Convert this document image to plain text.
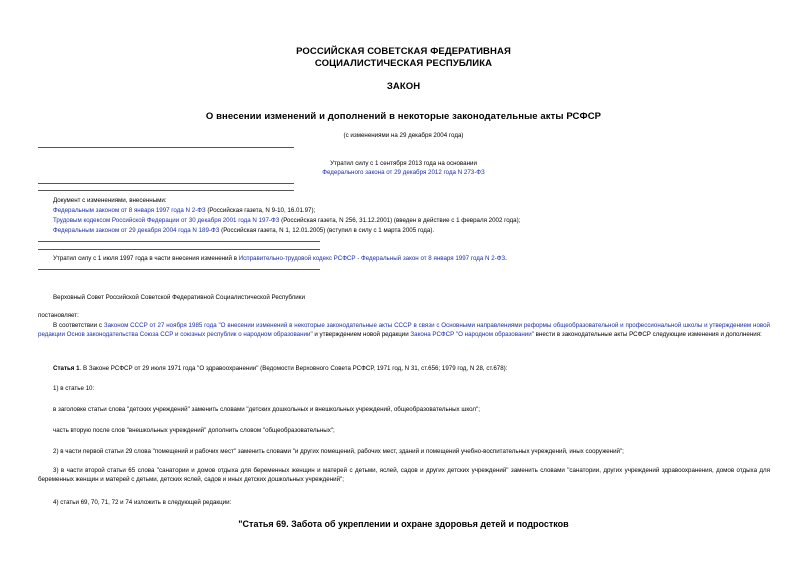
РОССИЙСКАЯ СОВЕТСКАЯ ФЕДЕРАТИВНАЯ
СОЦИАЛИСТИЧЕСКАЯ РЕСПУБЛИКА
ЗАКОН
О внесении изменений и дополнений в некоторые законодательные акты РСФСР
(с изменениями на 29 декабря 2004 года)
Утратил силу с 1 сентября 2013 года на основании
Федерального закона от 29 декабря 2012 года N 273-ФЗ
Документ с изменениями, внесенными:
Федеральным законом от 8 января 1997 года N 2-ФЗ (Российская газета, N 9-10, 16.01.97);
Трудовым кодексом Российской Федерации от 30 декабря 2001 года N 197-ФЗ (Российская газета, N 256, 31.12.2001) (введен в действие с 1 февраля 2002 года);
Федеральным законом от 29 декабря 2004 года N 189-ФЗ (Российская газета, N 1, 12.01.2005) (вступил в силу с 1 марта 2005 года).
Утратил силу с 1 июля 1997 года в части внесения изменений в Исправительно-трудовой кодекс РСФСР - Федеральный закон от 8 января 1997 года N 2-ФЗ.
Верховный Совет Российской Советской Федеративной Социалистической Республики
постановляет:
В соответствии с Законом СССР от 27 ноября 1985 года "О внесении изменений в некоторые законодательные акты СССР в связи с Основными направлениями реформы общеобразовательной и профессиональной школы и утверждением новой редакции Основ законодательства Союза ССР и союзных республик о народном образовании" и утверждением новой редакции Закона РСФСР "О народном образовании" внести в законодательные акты РСФСР следующие изменения и дополнения:
Статья 1. В Законе РСФСР от 29 июля 1971 года "О здравоохранении" (Ведомости Верховного Совета РСФСР, 1971 год, N 31, ст.656; 1979 год, N 28, ст.678):
1) в статье 10:
в заголовке статьи слова "детских учреждений" заменить словами "детских дошкольных и внешкольных учреждений, общеобразовательных школ";
часть вторую после слов "внешкольных учреждений" дополнить словом "общеобразовательных";
2) в части первой статьи 29 слова "помещений и рабочих мест" заменить словами "и других помещений, рабочих мест, зданий и помещений учебно-воспитательных учреждений, иных сооружений";
3) в части второй статьи 65 слова "санатории и домов отдыха для беременных женщин и матерей с детьми, яслей, садов и других детских учреждений" заменить словами "санатории, других учреждений здравоохранения, домов отдыха для беременных женщин и матерей с детьми, детских яслей, садов и иных детских дошкольных учреждений";
4) статьи 69, 70, 71, 72 и 74 изложить в следующей редакции:
"Статья 69. Забота об укреплении и охране здоровья детей и подростков
